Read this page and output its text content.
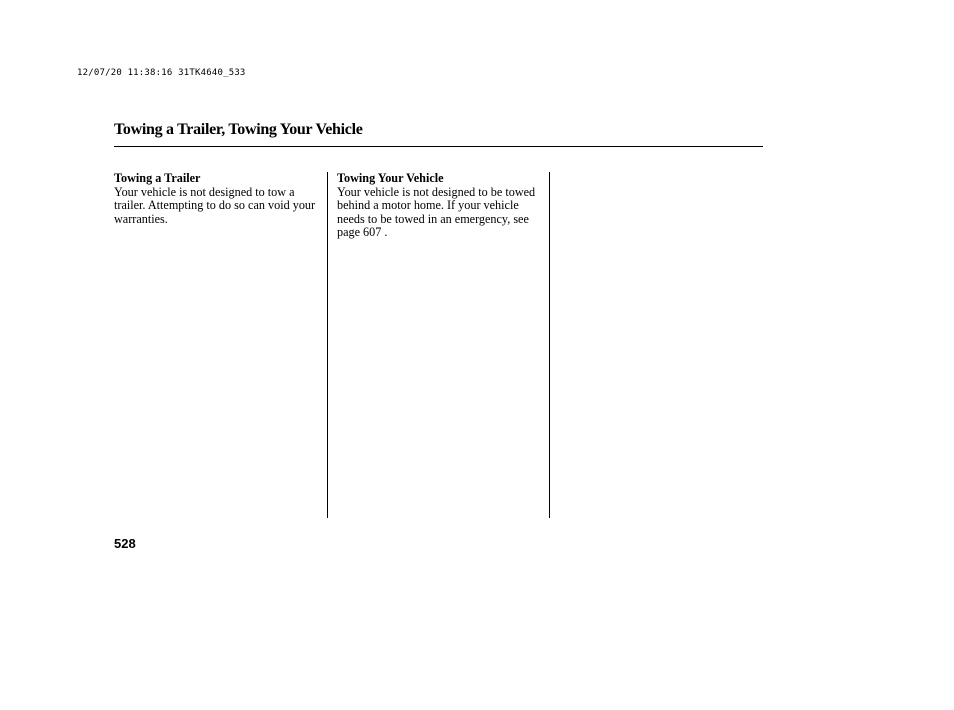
12/07/20 11:38:16 31TK4640_533
Towing a Trailer, Towing Your Vehicle
Towing a Trailer

Your vehicle is not designed to tow a trailer. Attempting to do so can void your warranties.

Towing Your Vehicle

Your vehicle is not designed to be towed behind a motor home. If your vehicle needs to be towed in an emergency, see page 607 .

528
